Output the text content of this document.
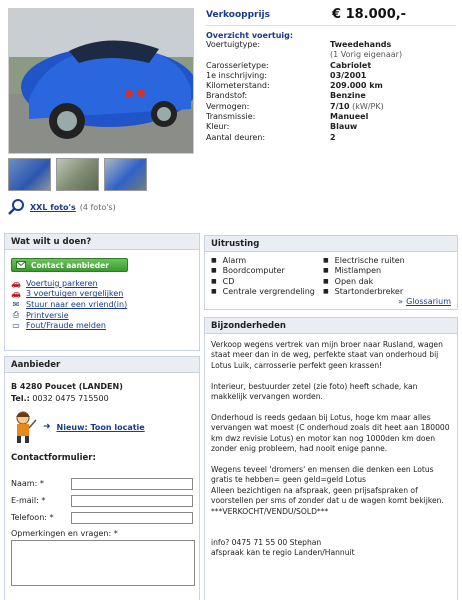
XXL foto's (4 foto's)
Verkoopprijs	€ 18.000,-
Overzicht voertuig:
Voertuigtype:	Tweedehands
(1 Vorig eigenaar)
Carosserietype:	Cabriolet
1e inschrijving:	03/2001
Kilometerstand:	209.000 km
Brandstof:	Benzine
Vermogen:	7/10 (kW/PK)
Transmissie:	Manueel
Kleur:	Blauw
Aantal deuren:	2
Wat wilt u doen?
Contact aanbieder
🚗 Voertuig parkeren
🚗 3 voertuigen vergelijken
✉ Stuur naar een vriend(in)
⎙ Printversie
▭ Fout/Fraude melden
Aanbieder
B 4280 Poucet (LANDEN)
Tel.: 0032 0475 715500
➜ Nieuw: Toon locatie
Contactformulier:
Naam: *
E-mail: *
Telefoon: *
Opmerkingen en vragen: *
Uitrusting
■ Alarm
■ Boordcomputer
■ CD
■ Centrale vergrendeling
■ Electrische ruiten
■ Mistlampen
■ Open dak
■ Startonderbreker
» Glossarium
Bijzonderheden
Verkoop wegens vertrek van mijn broer naar Rusland, wagen staat meer dan in de weg, perfekte staat van onderhoud bij Lotus Luik, carrosserie perfekt geen krassen!

Interieur, bestuurder zetel (zie foto) heeft schade, kan makkelijk vervangen worden.

Onderhoud is reeds gedaan bij Lotus, hoge km maar alles vervangen wat moest (C onderhoud zoals dit heet aan 180000 km dwz revisie Lotus) en motor kan nog 1000den km doen zonder enig probleem, had nooit enige panne.

Wegens teveel 'dromers' en mensen die denken een Lotus gratis te hebben= geen geld=geld Lotus
Alleen bezichtigen na afspraak, geen prijsafspraken of voorstellen per sms of zonder dat u de wagen komt bekijken.
***VERKOCHT/VENDU/SOLD***

info? 0475 71 55 00 Stephan
afspraak kan te regio Landen/Hannuit
